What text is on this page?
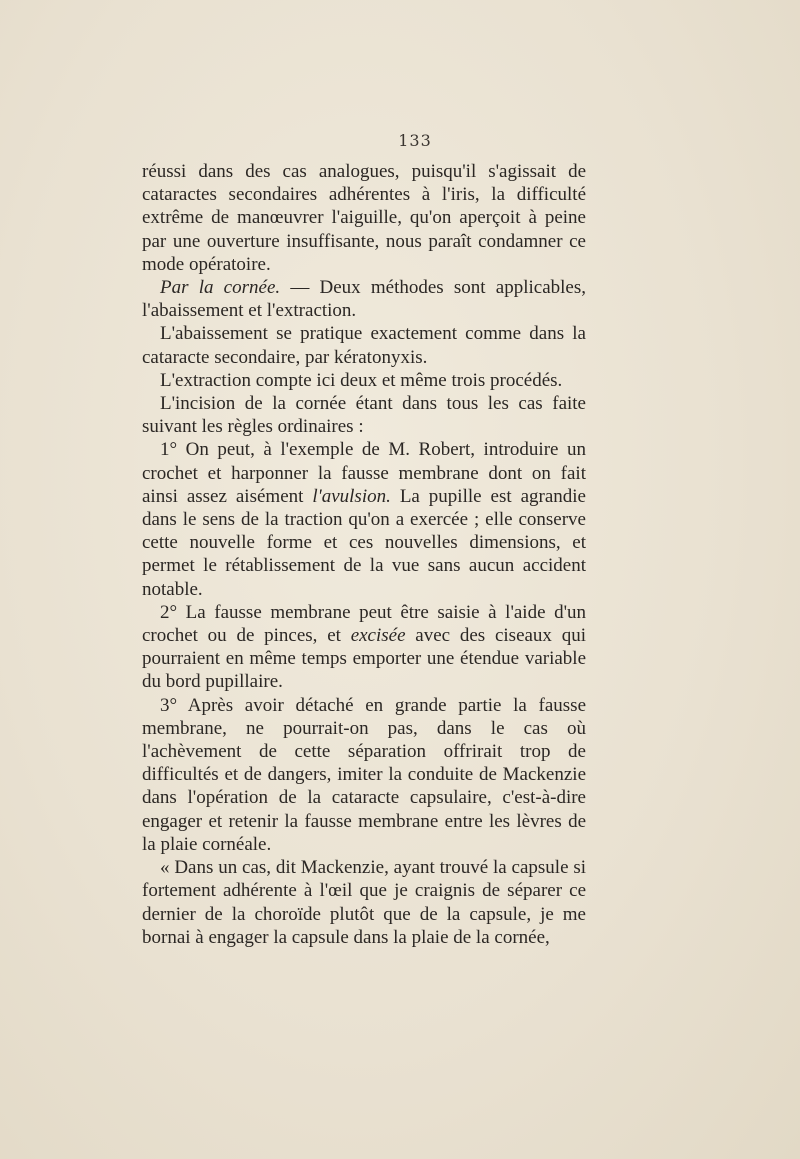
133

réussi dans des cas analogues, puisqu'il s'agissait de cataractes secondaires adhérentes à l'iris, la difficulté extrême de manœuvrer l'aiguille, qu'on aperçoit à peine par une ouverture insuffisante, nous paraît condamner ce mode opératoire.

Par la cornée. — Deux méthodes sont applicables, l'abaissement et l'extraction.

L'abaissement se pratique exactement comme dans la cataracte secondaire, par kératonyxis.

L'extraction compte ici deux et même trois procédés.

L'incision de la cornée étant dans tous les cas faite suivant les règles ordinaires :

1° On peut, à l'exemple de M. Robert, introduire un crochet et harponner la fausse membrane dont on fait ainsi assez aisément l'avulsion. La pupille est agrandie dans le sens de la traction qu'on a exercée ; elle conserve cette nouvelle forme et ces nouvelles dimensions, et permet le rétablissement de la vue sans aucun accident notable.

2° La fausse membrane peut être saisie à l'aide d'un crochet ou de pinces, et excisée avec des ciseaux qui pourraient en même temps emporter une étendue variable du bord pupillaire.

3° Après avoir détaché en grande partie la fausse membrane, ne pourrait-on pas, dans le cas où l'achèvement de cette séparation offrirait trop de difficultés et de dangers, imiter la conduite de Mackenzie dans l'opération de la cataracte capsulaire, c'est-à-dire engager et retenir la fausse membrane entre les lèvres de la plaie cornéale.

« Dans un cas, dit Mackenzie, ayant trouvé la capsule si fortement adhérente à l'œil que je craignis de séparer ce dernier de la choroïde plutôt que de la capsule, je me bornai à engager la capsule dans la plaie de la cornée,
